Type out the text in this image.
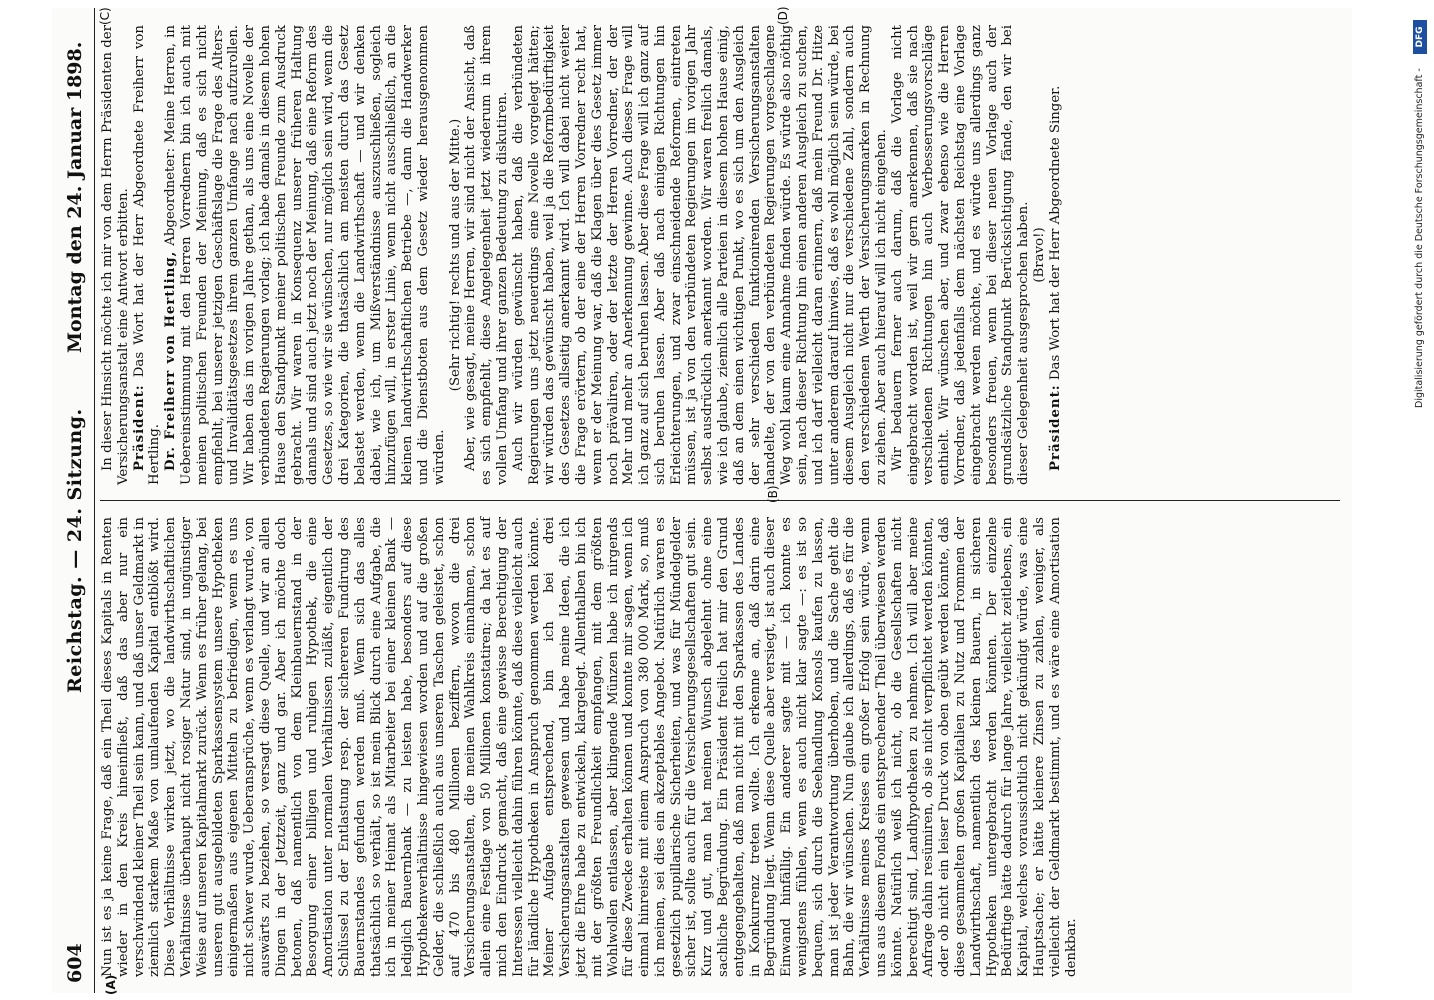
604
Reichstag. — 24. Sitzung.
Montag den 24. Januar 1898.
(A)
(B)
(C)	(D)

Nun ist es ja keine Frage, daß ein Theil dieses Kapitals in Renten wieder in den Kreis hineinfließt, daß das aber nur ein verschwindend kleiner Theil sein kann, und daß unser Geldmarkt in ziemlich starkem Maße von umlaufenden Kapital entblößt wird. Diese Verhältnisse wirken jetzt, wo die landwirthschaftlichen Verhältnisse überhaupt nicht rosiger Natur sind, in ungünstiger Weise auf unseren Kapitalmarkt zurück. Wenn es früher gelang, bei unseren gut ausgebildeten Sparkassensystem unsere Hypotheken einigermaßen aus eigenen Mitteln zu befriedigen, wenn es uns nicht schwer wurde, Ueberansprüche, wenn es verlangt wurde, von auswärts zu beziehen, so versagt diese Quelle, und wir an allen Dingen in der Jetztzeit, ganz und gar. Aber ich möchte doch betonen, daß namentlich von dem Kleinbauernstand in der Besorgung einer billigen und ruhigen Hypothek, die eine Amortisation unter normalen Verhältnissen zuläßt, eigentlich der Schlüssel zu der Entlastung resp. der sichereren Fundirung des Bauernstandes gefunden werden muß. Wenn sich das alles thatsächlich so verhält, so ist mein Blick durch eine Aufgabe, die ich in meiner Heimat als Mitarbeiter bei einer kleinen Bank — lediglich Bauernbank — zu leisten habe, besonders auf diese Hypothekenverhältnisse hingewiesen worden und auf die großen Gelder, die schließlich auch aus unseren Taschen geleistet, schon auf 470 bis 480 Millionen beziffern, wovon die drei Versicherungsanstalten, die meinen Wahlkreis einnahmen, schon allein eine Festlage von 50 Millionen konstatiren; da hat es auf mich den Eindruck gemacht, daß eine gewisse Berechtigung der Interessen vielleicht dahin führen könnte, daß diese vielleicht auch für ländliche Hypotheken in Anspruch genommen werden könnte. Meiner Aufgabe entsprechend, bin ich bei drei Versicherungsanstalten gewesen und habe meine Ideen, die ich jetzt die Ehre habe zu entwickeln, klargelegt. Allenthalben bin ich mit der größten Freundlichkeit empfangen, mit dem größten Wohlwollen entlassen, aber klingende Münzen habe ich nirgends für diese Zwecke erhalten können und konnte mir sagen, wenn ich einmal hinreiste mit einem Anspruch von 380 000 Mark, so, muß ich meinen, sei dies ein akzeptables Angebot. Natürlich waren es gesetzlich pupillarische Sicherheiten, und was für Mündelgelder sicher ist, sollte auch für die Versicherungsgesellschaften gut sein. Kurz und gut, man hat meinen Wunsch abgelehnt ohne eine sachliche Begründung. Ein Präsident freilich hat mir den Grund entgegengehalten, daß man nicht mit den Sparkassen des Landes in Konkurrenz treten wollte. Ich erkenne an, daß darin eine Begründung liegt. Wenn diese Quelle aber versiegt, ist auch dieser Einwand hinfällig. Ein anderer sagte mit — ich konnte es wenigstens fühlen, wenn es auch nicht klar sagte —: es ist so bequem, sich durch die Seehandlung Konsols kaufen zu lassen, man ist jeder Verantwortung überhoben, und die Sache geht die Bahn, die wir wünschen. Nun glaube ich allerdings, daß es für die Verhältnisse meines Kreises ein großer Erfolg sein würde, wenn uns aus diesem Fonds ein entsprechender Theil überwiesen werden könnte. Natürlich weiß ich nicht, ob die Gesellschaften nicht berechtigt sind, Landhypotheken zu nehmen. Ich will aber meine Anfrage dahin resümiren, ob sie nicht verpflichtet werden könnten, oder ob nicht ein leiser Druck von oben geübt werden könnte, daß diese gesammelten großen Kapitalien zu Nutz und Frommen der Landwirthschaft, namentlich des kleinen Bauern, in sicheren Hypotheken untergebracht werden könnten. Der einzelne Bedürftige hätte dadurch für lange Jahre, vielleicht zeitlebens, ein Kapital, welches voraussichtlich nicht gekündigt würde, was eine Hauptsache; er hätte kleinere Zinsen zu zahlen, weniger, als vielleicht der Geldmarkt bestimmt, und es wäre eine Amortisation denkbar.

In dieser Hinsicht möchte ich mir von dem Herrn Präsidenten der Versicherungsanstalt eine Antwort erbitten. Präsident: Das Wort hat der Herr Abgeordnete Freiherr von Hertling. Dr. Freiherr von Hertling, Abgeordneter: Meine Herren, in Uebereinstimmung mit den Herren Vorrednern bin ich auch mit meinen politischen Freunden der Meinung, daß es sich nicht empfiehlt, bei unserer jetzigen Geschäftslage die Frage des Alters- und Invaliditätsgesetzes ihrem ganzen Umfange nach aufzurollen. Wir haben das im vorigen Jahre gethan, als uns eine Novelle der verbündeten Regierungen vorlag; ich habe damals in diesem hohen Hause den Standpunkt meiner politischen Freunde zum Ausdruck gebracht. Wir waren in Konsequenz unserer früheren Haltung damals und sind auch jetzt noch der Meinung, daß eine Reform des Gesetzes, so wie wir sie wünschen, nur möglich sein wird, wenn die drei Kategorien, die thatsächlich am meisten durch das Gesetz belastet werden, wenn die Landwirthschaft — und wir denken dabei, wie ich, um Mißverständnisse auszuschließen, sogleich hinzufügen will, in erster Linie, wenn nicht ausschließlich, an die kleinen landwirthschaftlichen Betriebe —, dann die Handwerker und die Dienstboten aus dem Gesetz wieder herausgenommen würden.

(Sehr richtig! rechts und aus der Mitte.) Aber, wie gesagt, meine Herren, wir sind nicht der Ansicht, daß es sich empfiehlt, diese Angelegenheit jetzt wiederum in ihrem vollen Umfang und ihrer ganzen Bedeutung zu diskutiren. Auch wir würden gewünscht haben, daß die verbündeten Regierungen uns jetzt neuerdings eine Novelle vorgelegt hätten; wir würden das gewünscht haben, weil ja die Reformbedürftigkeit des Gesetzes allseitig anerkannt wird. Ich will dabei nicht weiter die Frage erörtern, ob der eine der Herren Vorredner recht hat, wenn er der Meinung war, daß die Klagen über dies Gesetz immer noch prävaliren, oder der letzte der Herren Vorredner, der der Mehr und mehr an Anerkennung gewinne. Auch dieses Frage will ich ganz auf sich beruhen lassen. Aber diese Frage will ich ganz auf sich beruhen lassen. Aber daß nach einigen Richtungen hin Erleichterungen, und zwar einschneidende Reformen, eintreten müssen, ist ja von den verbündeten Regierungen im vorigen Jahr selbst ausdrücklich anerkannt worden. Wir waren freilich damals, wie ich glaube, ziemlich alle Parteien in diesem hohen Hause einig, daß an dem einen wichtigen Punkt, wo es sich um den Ausgleich der sehr verschieden funktionirenden Versicherungsanstalten handelte, der von den verbündeten Regierungen vorgeschlagene Weg wohl kaum eine Annahme finden würde. Es würde also nöthig sein, nach dieser Richtung hin einen anderen Ausgleich zu suchen, und ich darf vielleicht daran erinnern, daß mein Freund Dr. Hitze unter anderem darauf hinwies, daß es wohl möglich sein würde, bei diesem Ausgleich nicht nur die verschiedene Zahl, sondern auch den verschiedenen Werth der Versicherungsmarken in Rechnung zu ziehen. Aber auch hierauf will ich nicht eingehen. Wir bedauern ferner auch darum, daß die Vorlage nicht eingebracht worden ist, weil wir gern anerkennen, daß sie nach verschiedenen Richtungen hin auch Verbesserungsvorschläge enthielt. Wir wünschen aber, und zwar ebenso wie die Herren Vorredner, daß jedenfalls dem nächsten Reichstag eine Vorlage eingebracht werden möchte, und es würde uns allerdings ganz besonders freuen, wenn bei dieser neuen Vorlage auch der grundsätzliche Standpunkt Berücksichtigung fände, den wir bei dieser Gelegenheit ausgesprochen haben. (Bravo!)

Präsident: Das Wort hat der Herr Abgeordnete Singer.	Digitalisierung gefördert durch die Deutsche Forschungsgemeinschaft -
DFG
